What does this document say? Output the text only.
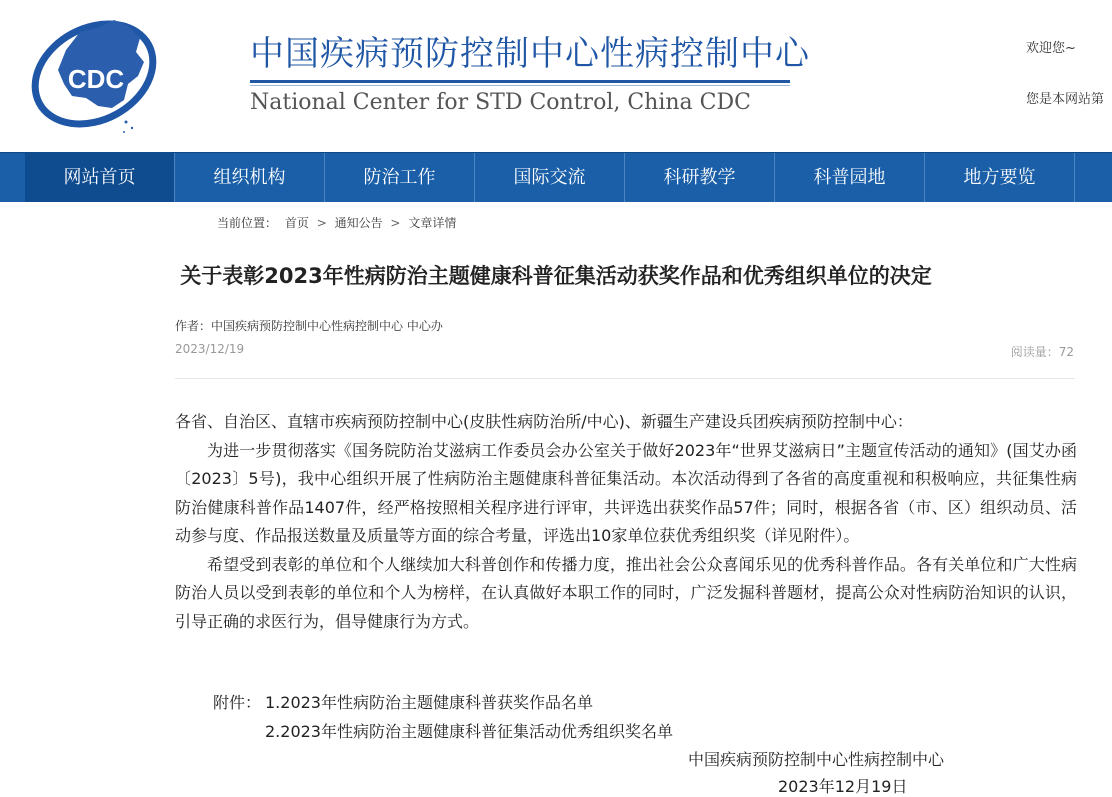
CDC
中国疾病预防控制中心性病控制中心
National Center for STD Control, China CDC
欢迎您~
您是本网站第
网站首页	组织机构	防治工作	国际交流	科研教学	科普园地	地方要览
当前位置： 首页 > 通知公告 > 文章详情
关于表彰2023年性病防治主题健康科普征集活动获奖作品和优秀组织单位的决定
作者：中国疾病预防控制中心性病控制中心 中心办
2023/12/19	阅读量：72

各省、自治区、直辖市疾病预防控制中心(皮肤性病防治所/中心)、新疆生产建设兵团疾病预防控制中心：

为进一步贯彻落实《国务院防治艾滋病工作委员会办公室关于做好2023年“世界艾滋病日”主题宣传活动的通知》(国艾办函〔2023〕5号)，我中心组织开展了性病防治主题健康科普征集活动。本次活动得到了各省的高度重视和积极响应，共征集性病防治健康科普作品1407件，经严格按照相关程序进行评审，共评选出获奖作品57件；同时，根据各省（市、区）组织动员、活动参与度、作品报送数量及质量等方面的综合考量，评选出10家单位获优秀组织奖（详见附件）。

希望受到表彰的单位和个人继续加大科普创作和传播力度，推出社会公众喜闻乐见的优秀科普作品。各有关单位和广大性病防治人员以受到表彰的单位和个人为榜样，在认真做好本职工作的同时，广泛发掘科普题材，提高公众对性病防治知识的认识，引导正确的求医行为，倡导健康行为方式。

附件： 1.2023年性病防治主题健康科普获奖作品名单
2.2023年性病防治主题健康科普征集活动优秀组织奖名单
中国疾病预防控制中心性病控制中心
2023年12月19日
